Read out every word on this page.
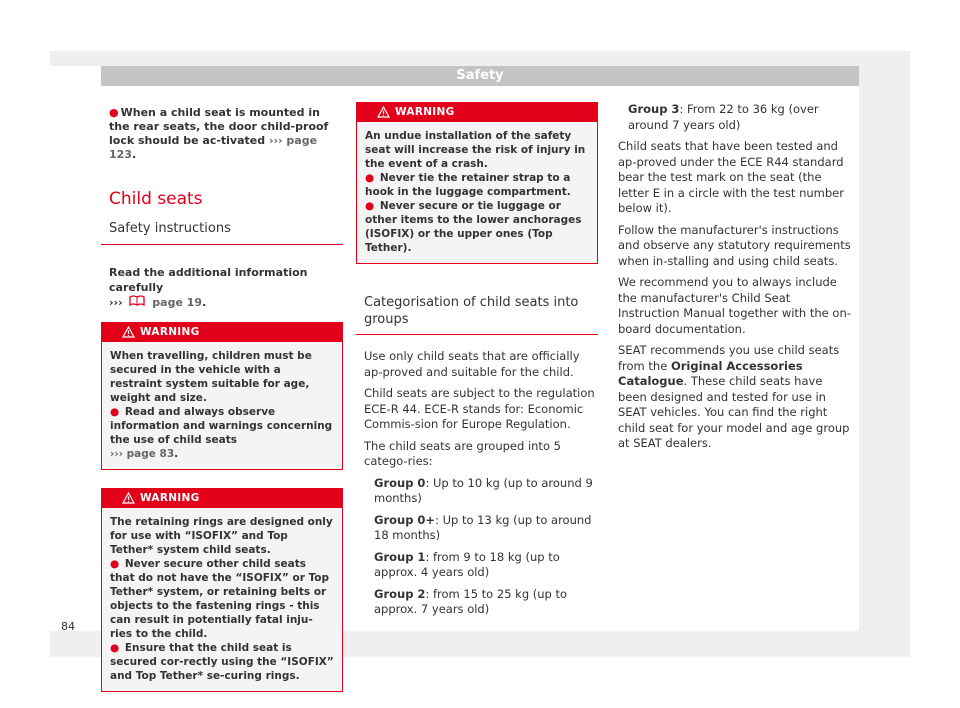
Safety
● When a child seat is mounted in the rear seats, the door child-proof lock should be ac-tivated ››› page 123.
Child seats
Safety instructions
Read the additional information carefully
›››	page 19.
WARNING

When travelling, children must be secured in the vehicle with a restraint system suitable for age, weight and size.

● Read and always observe information and warnings concerning the use of child seats
››› page 83.

WARNING

The retaining rings are designed only for use with “ISOFIX” and Top Tether* system child seats.

● Never secure other child seats that do not have the “ISOFIX” or Top Tether* system, or retaining belts or objects to the fastening rings - this can result in potentially fatal inju-ries to the child.

● Ensure that the child seat is secured cor-rectly using the “ISOFIX” and Top Tether* se-curing rings.

WARNING

An undue installation of the safety seat will increase the risk of injury in the event of a crash.

● Never tie the retainer strap to a hook in the luggage compartment.

● Never secure or tie luggage or other items to the lower anchorages (ISOFIX) or the upper ones (Top Tether).

Categorisation of child seats into groups

Use only child seats that are officially ap-proved and suitable for the child.

Child seats are subject to the regulation ECE-R 44. ECE-R stands for: Economic Commis-sion for Europe Regulation.

The child seats are grouped into 5 catego-ries:

Group 0: Up to 10 kg (up to around 9 months)

Group 0+: Up to 13 kg (up to around 18 months)

Group 1: from 9 to 18 kg (up to approx. 4 years old)

Group 2: from 15 to 25 kg (up to approx. 7 years old)

Group 3: From 22 to 36 kg (over around 7 years old)

Child seats that have been tested and ap-proved under the ECE R44 standard bear the test mark on the seat (the letter E in a circle with the test number below it).

Follow the manufacturer's instructions and observe any statutory requirements when in-stalling and using child seats.

We recommend you to always include the manufacturer's Child Seat Instruction Manual together with the on-board documentation.

SEAT recommends you use child seats from the Original Accessories Catalogue. These child seats have been designed and tested for use in SEAT vehicles. You can find the right child seat for your model and age group at SEAT dealers.

84
